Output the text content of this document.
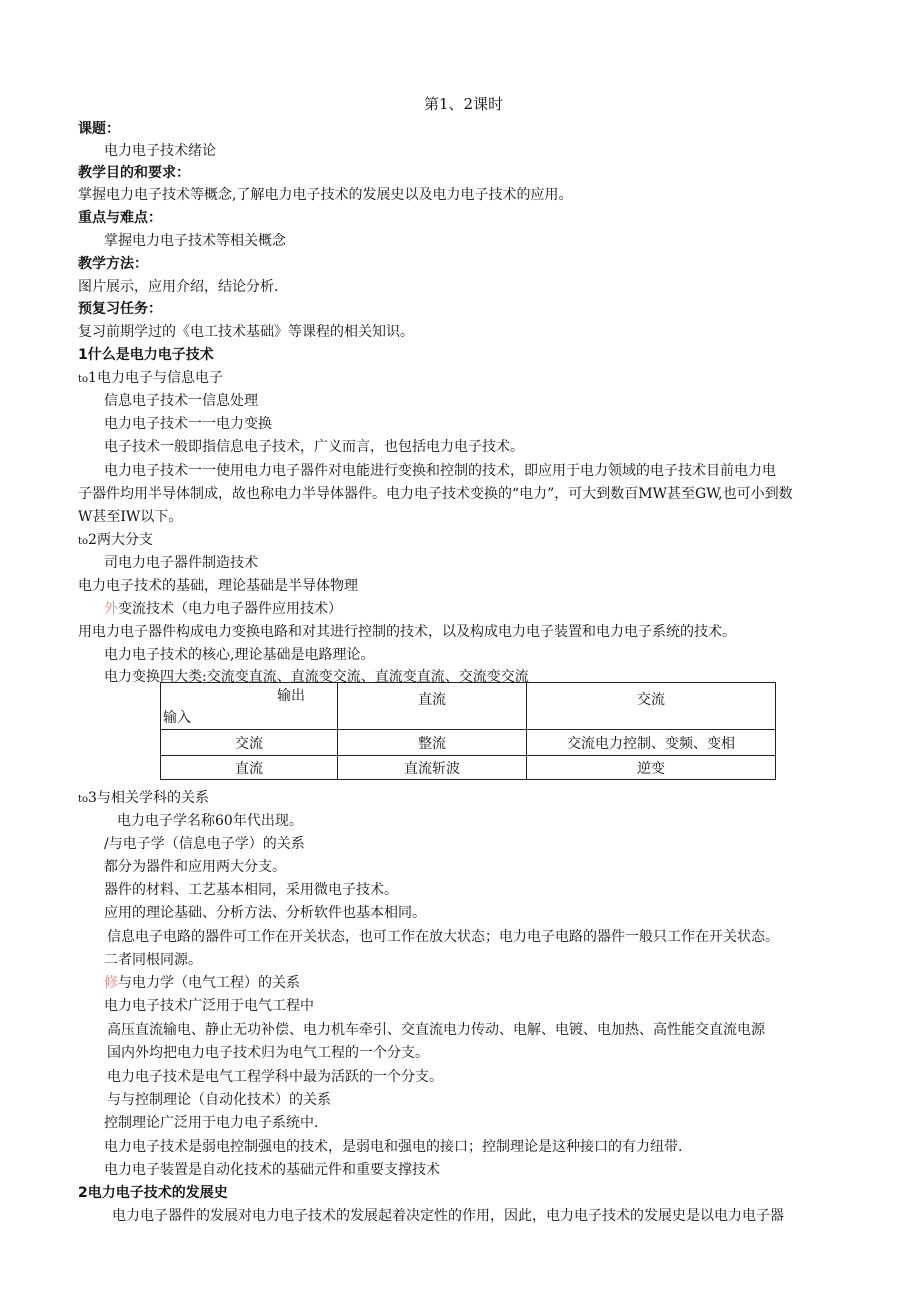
第1、2课时
课题：
电力电子技术绪论
教学目的和要求：
掌握电力电子技术等概念,了解电力电子技术的发展史以及电力电子技术的应用。
重点与难点：
掌握电力电子技术等相关概念
教学方法：
图片展示，应用介绍，结论分析.
预复习任务：
复习前期学过的《电工技术基础》等课程的相关知识。
1什么是电力电子技术
to1电力电子与信息电子
信息电子技术一信息处理
电力电子技术一一电力变换
电子技术一般即指信息电子技术，广义而言，也包括电力电子技术。
电力电子技术一一使用电力电子器件对电能进行变换和控制的技术，即应用于电力领域的电子技术目前电力电
子器件均用半导体制成，故也称电力半导体器件。电力电子技术变换的“电力”，可大到数百MW甚至GW,也可小到数
W甚至IW以下。
to2两大分支
司电力电子器件制造技术
电力电子技术的基础，理论基础是半导体物理
外变流技术（电力电子器件应用技术）
用电力电子器件构成电力变换电路和对其进行控制的技术，以及构成电力电子装置和电力电子系统的技术。
电力电子技术的核心,理论基础是电路理论。
电力变换四大类:交流变直流、直流变交流、直流变直流、交流变交流
输出
输入	直流	交流
交流	整流	交流电力控制、变频、变相
直流	直流斩波	逆变
to3与相关学科的关系
电力电子学名称60年代出现。
/与电子学（信息电子学）的关系
都分为器件和应用两大分支。
器件的材料、工艺基本相同，采用微电子技术。
应用的理论基础、分析方法、分析软件也基本相同。
信息电子电路的器件可工作在开关状态，也可工作在放大状态；电力电子电路的器件一般只工作在开关状态。
二者同根同源。
修与电力学（电气工程）的关系
电力电子技术广泛用于电气工程中
高压直流输电、静止无功补偿、电力机车牵引、交直流电力传动、电解、电镀、电加热、高性能交直流电源
国内外均把电力电子技术归为电气工程的一个分支。
电力电子技术是电气工程学科中最为活跃的一个分支。
与与控制理论（自动化技术）的关系
控制理论广泛用于电力电子系统中.
电力电子技术是弱电控制强电的技术，是弱电和强电的接口；控制理论是这种接口的有力纽带.
电力电子装置是自动化技术的基础元件和重要支撑技术
2电力电子技术的发展史
电力电子器件的发展对电力电子技术的发展起着决定性的作用，因此，电力电子技术的发展史是以电力电子器
